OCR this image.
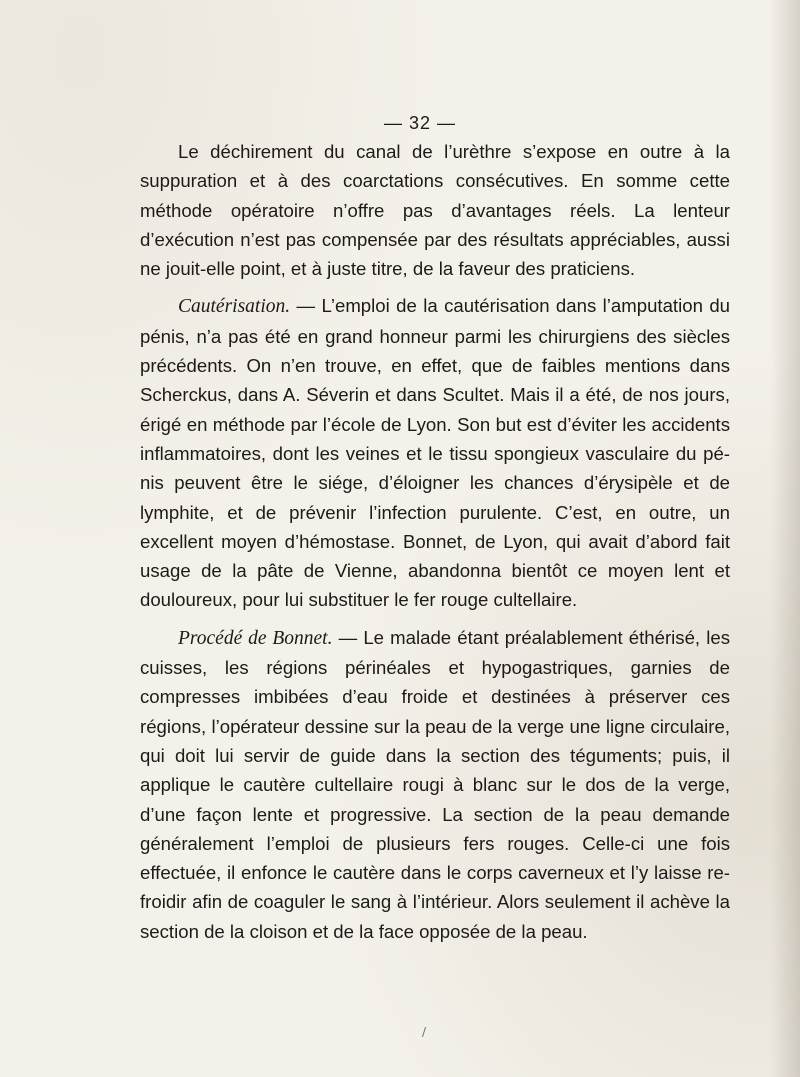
— 32 —
Le déchirement du canal de l’urèthre s’expose en outre à la suppuration et à des coarctations consécutives. En somme cette méthode opératoire n’offre pas d’avantages réels. La lenteur d’exécution n’est pas compensée par des résultats appréciables, aussi ne jouit-elle point, et à juste titre, de la faveur des praticiens.
Cautérisation. — L’emploi de la cautérisation dans l’amputation du pénis, n’a pas été en grand honneur parmi les chirurgiens des siècles précédents. On n’en trouve, en effet, que de faibles mentions dans Scherckus, dans A. Séverin et dans Scultet. Mais il a été, de nos jours, érigé en méthode par l’école de Lyon. Son but est d’éviter les accidents inflammatoires, dont les veines et le tissu spongieux vasculaire du pénis peuvent être le siége, d’éloigner les chances d’érysipèle et de lymphite, et de prévenir l’infection purulente. C’est, en outre, un excellent moyen d’hémostase. Bonnet, de Lyon, qui avait d’abord fait usage de la pâte de Vienne, abandonna bientôt ce moyen lent et douloureux, pour lui substituer le fer rouge cultellaire.
Procédé de Bonnet. — Le malade étant préalablement éthérisé, les cuisses, les régions périnéales et hypogastriques, garnies de compresses imbibées d’eau froide et destinées à préserver ces régions, l’opérateur dessine sur la peau de la verge une ligne circulaire, qui doit lui servir de guide dans la section des téguments; puis, il applique le cautère cultellaire rougi à blanc sur le dos de la verge, d’une façon lente et progressive. La section de la peau demande généralement l’emploi de plusieurs fers rouges. Celle-ci une fois effectuée, il enfonce le cautère dans le corps caverneux et l’y laisse refroidir afin de coaguler le sang à l’intérieur. Alors seulement il achève la section de la cloison et de la face opposée de la peau.
/
